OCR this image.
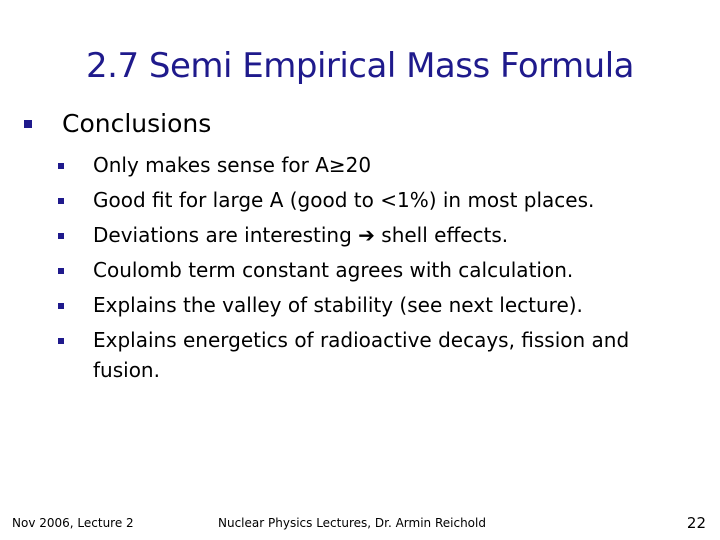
2.7 Semi Empirical Mass Formula
Conclusions
Only makes sense for A≥20
Good fit for large A (good to <1%) in most places.
Deviations are interesting ➔ shell effects.
Coulomb term constant agrees with calculation.
Explains the valley of stability (see next lecture).
Explains energetics of radioactive decays, fission and fusion.
Nov 2006, Lecture 2	Nuclear Physics Lectures, Dr. Armin Reichold	22
